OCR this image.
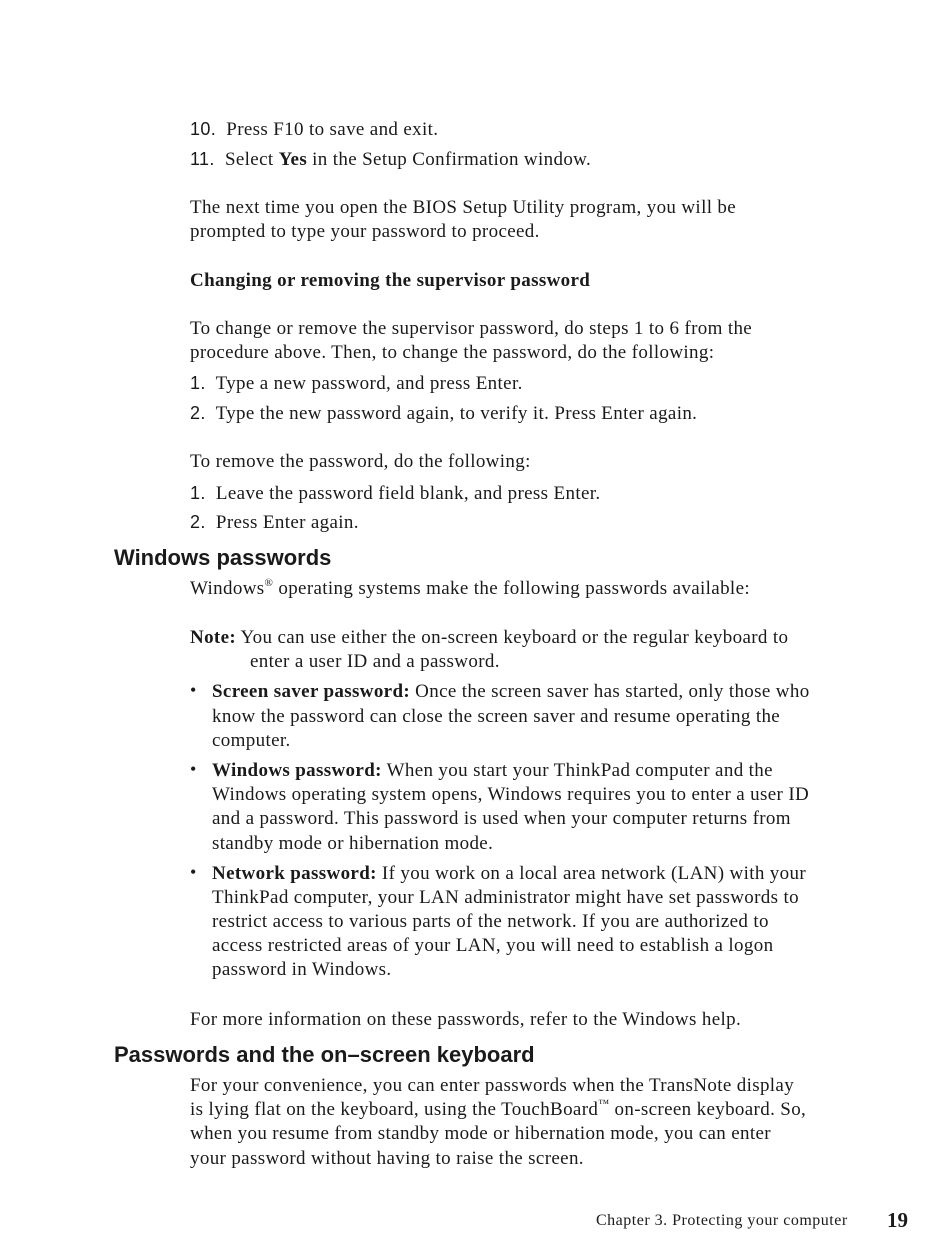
10. Press F10 to save and exit.
11. Select Yes in the Setup Confirmation window.
The next time you open the BIOS Setup Utility program, you will be
prompted to type your password to proceed.
Changing or removing the supervisor password
To change or remove the supervisor password, do steps 1 to 6 from the
procedure above. Then, to change the password, do the following:
1. Type a new password, and press Enter.
2. Type the new password again, to verify it. Press Enter again.
To remove the password, do the following:
1. Leave the password field blank, and press Enter.
2. Press Enter again.
Windows passwords
Windows® operating systems make the following passwords available:
Note: You can use either the on-screen keyboard or the regular keyboard to
enter a user ID and a password.
• Screen saver password: Once the screen saver has started, only those who
know the password can close the screen saver and resume operating the
computer.
• Windows password: When you start your ThinkPad computer and the
Windows operating system opens, Windows requires you to enter a user ID
and a password. This password is used when your computer returns from
standby mode or hibernation mode.
• Network password: If you work on a local area network (LAN) with your
ThinkPad computer, your LAN administrator might have set passwords to
restrict access to various parts of the network. If you are authorized to
access restricted areas of your LAN, you will need to establish a logon
password in Windows.
For more information on these passwords, refer to the Windows help.
Passwords and the on–screen keyboard
For your convenience, you can enter passwords when the TransNote display
is lying flat on the keyboard, using the TouchBoard™ on-screen keyboard. So,
when you resume from standby mode or hibernation mode, you can enter
your password without having to raise the screen.
Chapter 3. Protecting your computer 19
